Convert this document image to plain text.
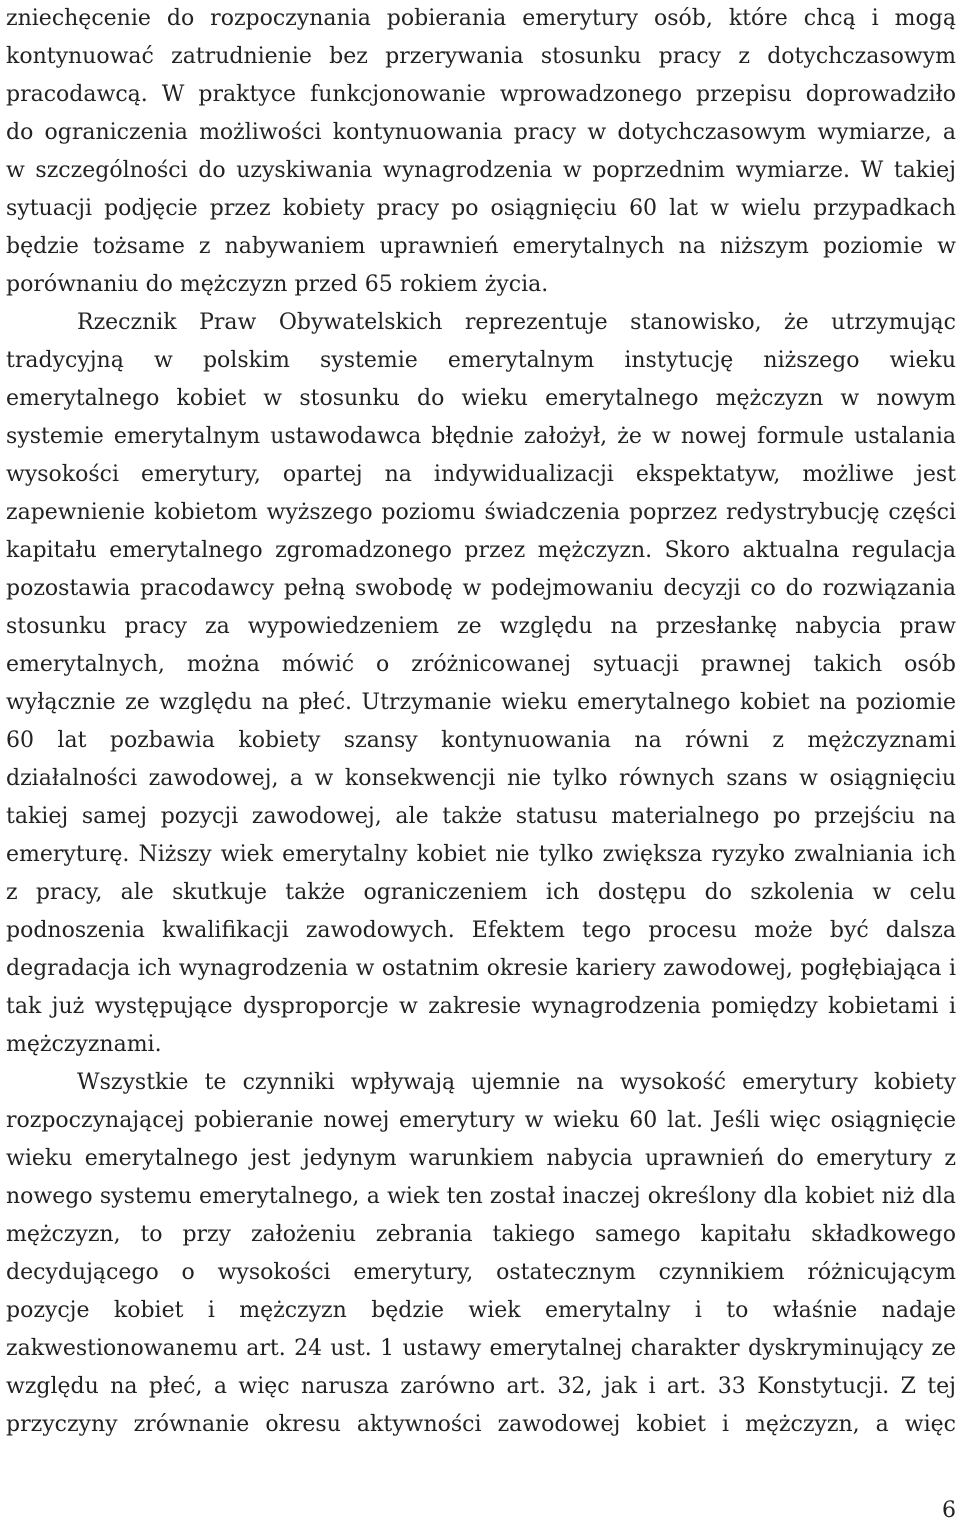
zniechęcenie do rozpoczynania pobierania emerytury osób, które chcą i mogą
kontynuować zatrudnienie bez przerywania stosunku pracy z dotychczasowym
pracodawcą. W praktyce funkcjonowanie wprowadzonego przepisu doprowadziło
do ograniczenia możliwości kontynuowania pracy w dotychczasowym wymiarze, a
w szczególności do uzyskiwania wynagrodzenia w poprzednim wymiarze. W takiej
sytuacji podjęcie przez kobiety pracy po osiągnięciu 60 lat w wielu przypadkach
będzie tożsame z nabywaniem uprawnień emerytalnych na niższym poziomie w
porównaniu do mężczyzn przed 65 rokiem życia.
Rzecznik Praw Obywatelskich reprezentuje stanowisko, że utrzymując
tradycyjną w polskim systemie emerytalnym instytucję niższego wieku
emerytalnego kobiet w stosunku do wieku emerytalnego mężczyzn w nowym
systemie emerytalnym ustawodawca błędnie założył, że w nowej formule ustalania
wysokości emerytury, opartej na indywidualizacji ekspektatyw, możliwe jest
zapewnienie kobietom wyższego poziomu świadczenia poprzez redystrybucję części
kapitału emerytalnego zgromadzonego przez mężczyzn. Skoro aktualna regulacja
pozostawia pracodawcy pełną swobodę w podejmowaniu decyzji co do rozwiązania
stosunku pracy za wypowiedzeniem ze względu na przesłankę nabycia praw
emerytalnych, można mówić o zróżnicowanej sytuacji prawnej takich osób
wyłącznie ze względu na płeć. Utrzymanie wieku emerytalnego kobiet na poziomie
60 lat pozbawia kobiety szansy kontynuowania na równi z mężczyznami
działalności zawodowej, a w konsekwencji nie tylko równych szans w osiągnięciu
takiej samej pozycji zawodowej, ale także statusu materialnego po przejściu na
emeryturę. Niższy wiek emerytalny kobiet nie tylko zwiększa ryzyko zwalniania ich
z pracy, ale skutkuje także ograniczeniem ich dostępu do szkolenia w celu
podnoszenia kwalifikacji zawodowych. Efektem tego procesu może być dalsza
degradacja ich wynagrodzenia w ostatnim okresie kariery zawodowej, pogłębiająca i
tak już występujące dysproporcje w zakresie wynagrodzenia pomiędzy kobietami i
mężczyznami.
Wszystkie te czynniki wpływają ujemnie na wysokość emerytury kobiety
rozpoczynającej pobieranie nowej emerytury w wieku 60 lat. Jeśli więc osiągnięcie
wieku emerytalnego jest jedynym warunkiem nabycia uprawnień do emerytury z
nowego systemu emerytalnego, a wiek ten został inaczej określony dla kobiet niż dla
mężczyzn, to przy założeniu zebrania takiego samego kapitału składkowego
decydującego o wysokości emerytury, ostatecznym czynnikiem różnicującym
pozycje kobiet i mężczyzn będzie wiek emerytalny i to właśnie nadaje
zakwestionowanemu art. 24 ust. 1 ustawy emerytalnej charakter dyskryminujący ze
względu na płeć, a więc narusza zarówno art. 32, jak i art. 33 Konstytucji. Z tej
przyczyny zrównanie okresu aktywności zawodowej kobiet i mężczyzn, a więc
6
